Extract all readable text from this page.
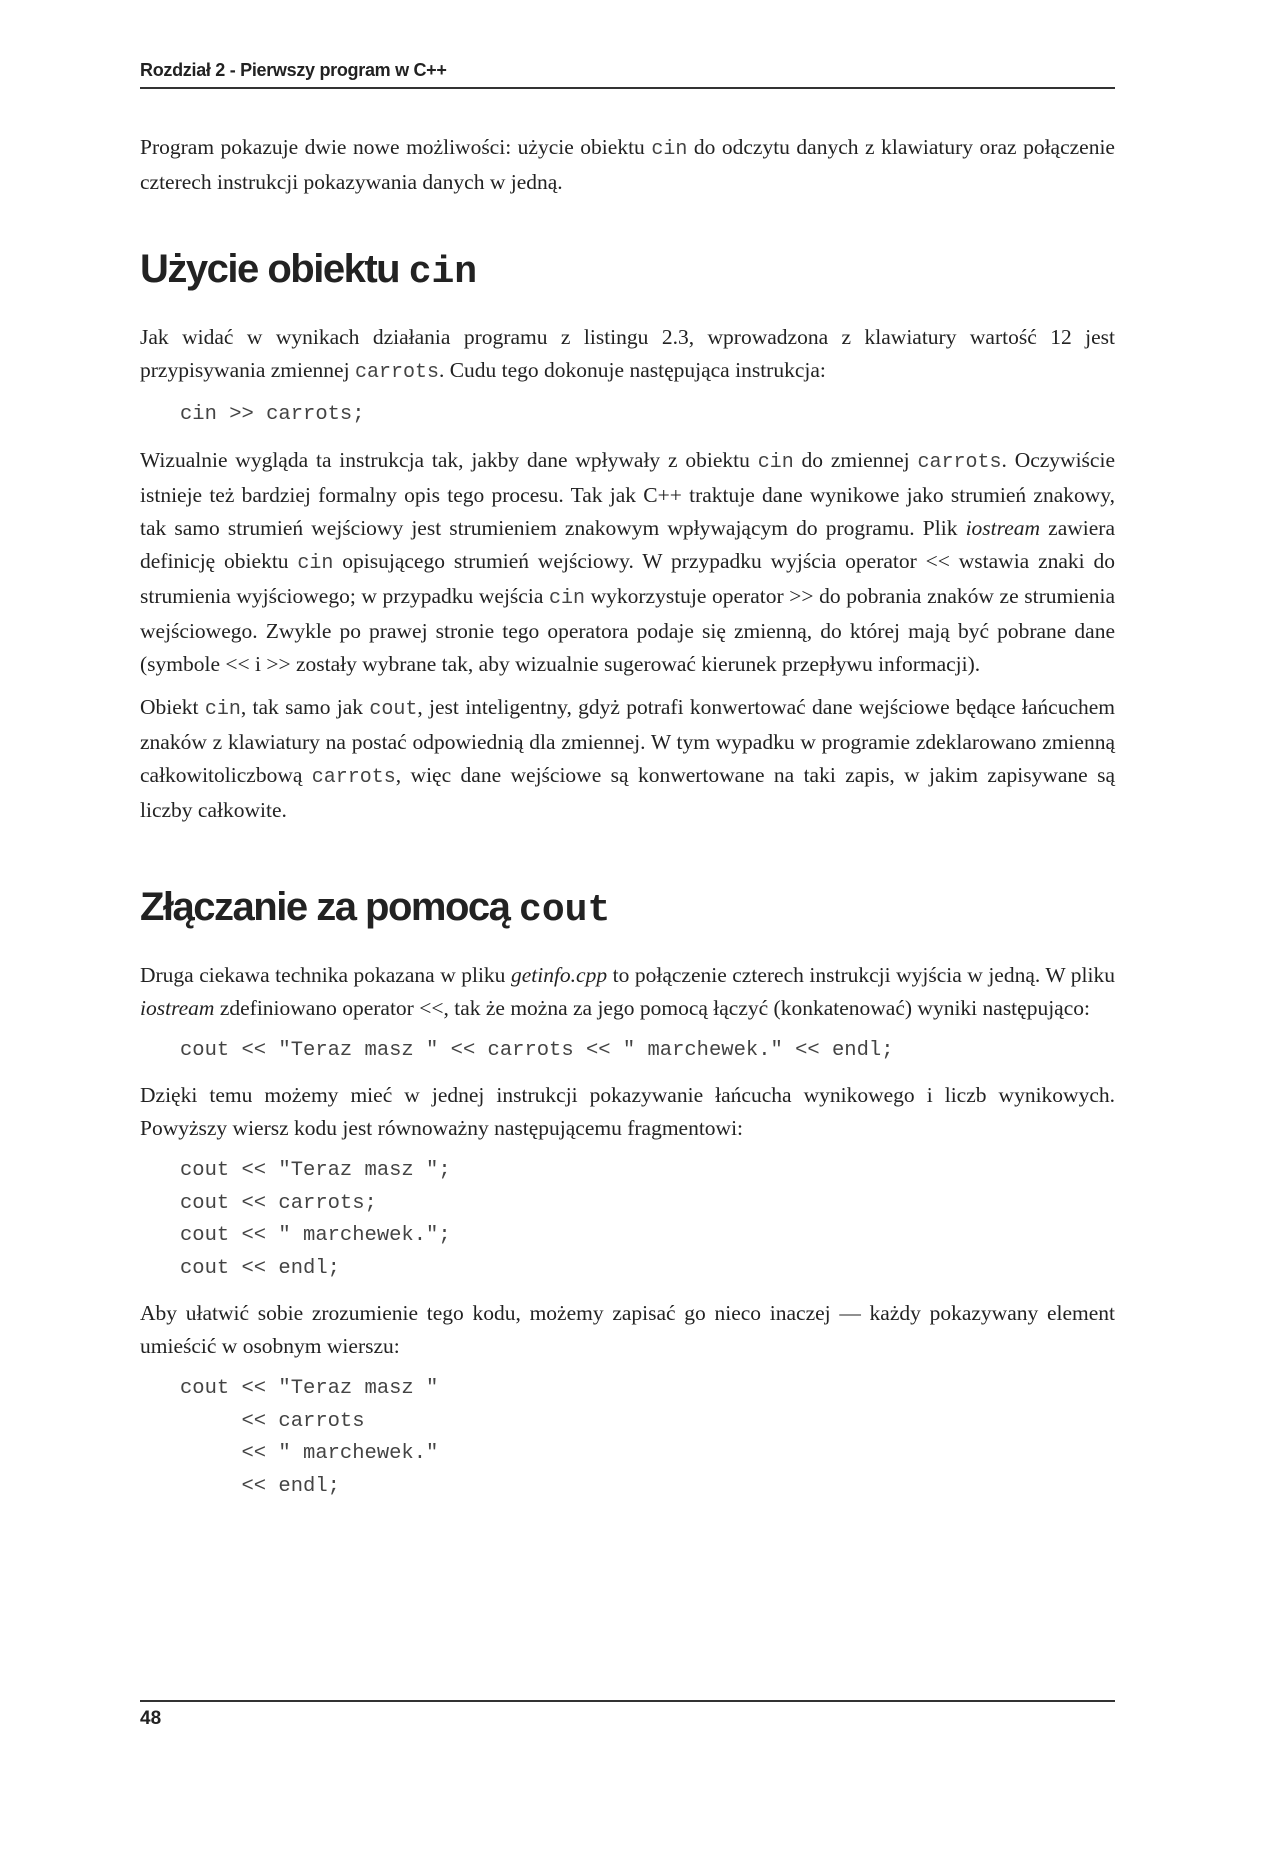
Rozdział 2 - Pierwszy program w C++

Program pokazuje dwie nowe możliwości: użycie obiektu cin do odczytu danych z klawiatury oraz połączenie czterech instrukcji pokazywania danych w jedną.

Użycie obiektu cin

Jak widać w wynikach działania programu z listingu 2.3, wprowadzona z klawiatury wartość 12 jest przypisywania zmiennej carrots. Cudu tego dokonuje następująca instrukcja:

cin >> carrots;

Wizualnie wygląda ta instrukcja tak, jakby dane wpływały z obiektu cin do zmiennej carrots. Oczywiście istnieje też bardziej formalny opis tego procesu. Tak jak C++ traktuje dane wynikowe jako strumień znakowy, tak samo strumień wejściowy jest strumieniem znakowym wpływającym do programu. Plik iostream zawiera definicję obiektu cin opisującego strumień wejściowy. W przypadku wyjścia operator << wstawia znaki do strumienia wyjściowego; w przypadku wejścia cin wykorzystuje operator >> do pobrania znaków ze strumienia wejściowego. Zwykle po prawej stronie tego operatora podaje się zmienną, do której mają być pobrane dane (symbole << i >> zostały wybrane tak, aby wizualnie sugerować kierunek przepływu informacji).

Obiekt cin, tak samo jak cout, jest inteligentny, gdyż potrafi konwertować dane wejściowe będące łańcuchem znaków z klawiatury na postać odpowiednią dla zmiennej. W tym wypadku w programie zdeklarowano zmienną całkowitoliczbową carrots, więc dane wejściowe są konwertowane na taki zapis, w jakim zapisywane są liczby całkowite.

Złączanie za pomocą cout

Druga ciekawa technika pokazana w pliku getinfo.cpp to połączenie czterech instrukcji wyjścia w jedną. W pliku iostream zdefiniowano operator <<, tak że można za jego pomocą łączyć (konkatenować) wyniki następująco:

cout << "Teraz masz " << carrots << " marchewek." << endl;

Dzięki temu możemy mieć w jednej instrukcji pokazywanie łańcucha wynikowego i liczb wynikowych. Powyższy wiersz kodu jest równoważny następującemu fragmentowi:

cout << "Teraz masz ";
cout << carrots;
cout << " marchewek.";
cout << endl;

Aby ułatwić sobie zrozumienie tego kodu, możemy zapisać go nieco inaczej — każdy pokazywany element umieścić w osobnym wierszu:

cout << "Teraz masz "
<< carrots
<< " marchewek."
<< endl;
48
